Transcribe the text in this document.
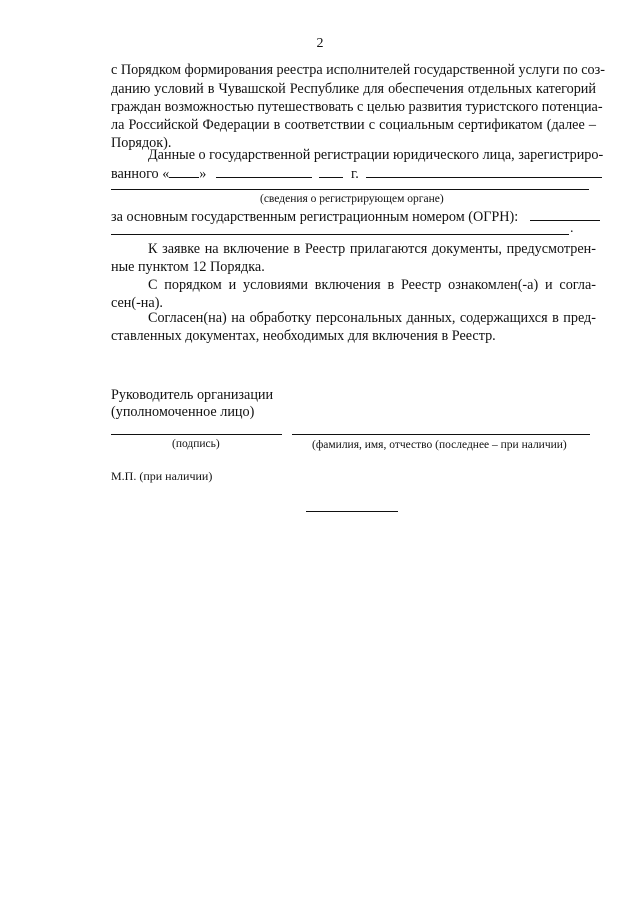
2
с Порядком формирования реестра исполнителей государственной услуги по соз-
данию условий в Чувашской Республике для обеспечения отдельных категорий
граждан возможностью путешествовать с целью развития туристского потенциа-
ла Российской Федерации в соответствии с социальным сертификатом (далее –
Порядок).
Данные о государственной регистрации юридического лица, зарегистриро-
ванного « »	г.
(сведения о регистрирующем органе)
за основным государственным регистрационным номером (ОГРН):
.
К заявке на включение в Реестр прилагаются документы, предусмотрен-
ные пунктом 12 Порядка.
С порядком и условиями включения в Реестр ознакомлен(-а) и согла-
сен(-на).
Согласен(на) на обработку персональных данных, содержащихся в пред-
ставленных документах, необходимых для включения в Реестр.
Руководитель организации
(уполномоченное лицо)
(подпись)	(фамилия, имя, отчество (последнее – при наличии)
М.П. (при наличии)
